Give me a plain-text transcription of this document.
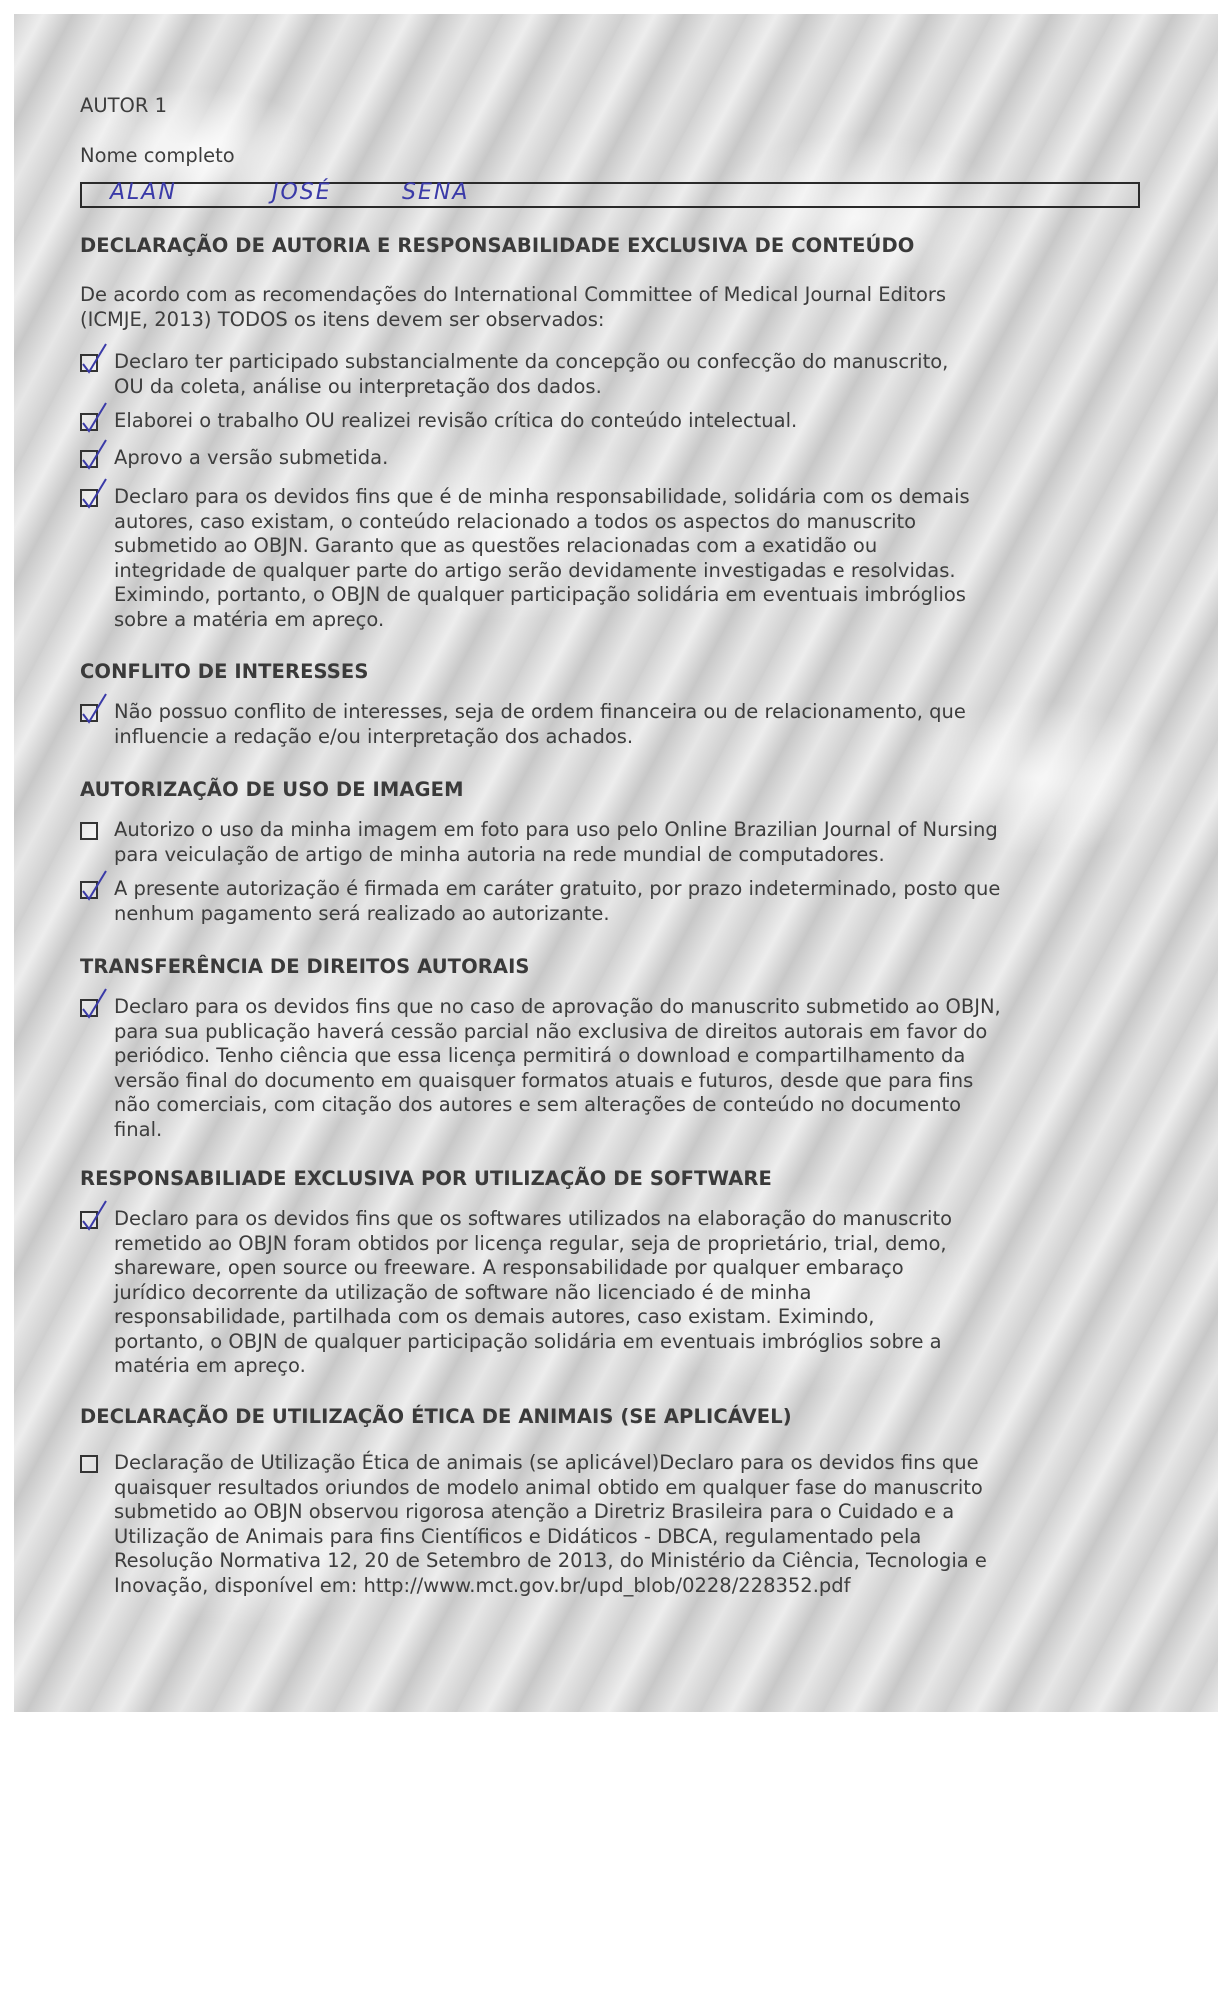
AUTOR 1

Nome completo

ALAN	JOSÉ	SENA

DECLARAÇÃO DE AUTORIA E RESPONSABILIDADE EXCLUSIVA DE CONTEÚDO

De acordo com as recomendações do International Committee of Medical Journal Editors
(ICMJE, 2013) TODOS os itens devem ser observados:

Declaro ter participado substancialmente da concepção ou confecção do manuscrito,
OU da coleta, análise ou interpretação dos dados.

Elaborei o trabalho OU realizei revisão crítica do conteúdo intelectual.

Aprovo a versão submetida.

Declaro para os devidos fins que é de minha responsabilidade, solidária com os demais
autores, caso existam, o conteúdo relacionado a todos os aspectos do manuscrito
submetido ao OBJN. Garanto que as questões relacionadas com a exatidão ou
integridade de qualquer parte do artigo serão devidamente investigadas e resolvidas.
Eximindo, portanto, o OBJN de qualquer participação solidária em eventuais imbróglios
sobre a matéria em apreço.

CONFLITO DE INTERESSES

Não possuo conflito de interesses, seja de ordem financeira ou de relacionamento, que
influencie a redação e/ou interpretação dos achados.

AUTORIZAÇÃO DE USO DE IMAGEM

Autorizo o uso da minha imagem em foto para uso pelo Online Brazilian Journal of Nursing
para veiculação de artigo de minha autoria na rede mundial de computadores.

A presente autorização é firmada em caráter gratuito, por prazo indeterminado, posto que
nenhum pagamento será realizado ao autorizante.

TRANSFERÊNCIA DE DIREITOS AUTORAIS

Declaro para os devidos fins que no caso de aprovação do manuscrito submetido ao OBJN,
para sua publicação haverá cessão parcial não exclusiva de direitos autorais em favor do
periódico. Tenho ciência que essa licença permitirá o download e compartilhamento da
versão final do documento em quaisquer formatos atuais e futuros, desde que para fins
não comerciais, com citação dos autores e sem alterações de conteúdo no documento
final.

RESPONSABILIADE EXCLUSIVA POR UTILIZAÇÃO DE SOFTWARE

Declaro para os devidos fins que os softwares utilizados na elaboração do manuscrito
remetido ao OBJN foram obtidos por licença regular, seja de proprietário, trial, demo,
shareware, open source ou freeware. A responsabilidade por qualquer embaraço
jurídico decorrente da utilização de software não licenciado é de minha
responsabilidade, partilhada com os demais autores, caso existam. Eximindo,
portanto, o OBJN de qualquer participação solidária em eventuais imbróglios sobre a
matéria em apreço.

DECLARAÇÃO DE UTILIZAÇÃO ÉTICA DE ANIMAIS (SE APLICÁVEL)

Declaração de Utilização Ética de animais (se aplicável)Declaro para os devidos fins que
quaisquer resultados oriundos de modelo animal obtido em qualquer fase do manuscrito
submetido ao OBJN observou rigorosa atenção a Diretriz Brasileira para o Cuidado e a
Utilização de Animais para fins Científicos e Didáticos - DBCA, regulamentado pela
Resolução Normativa 12, 20 de Setembro de 2013, do Ministério da Ciência, Tecnologia e
Inovação, disponível em: http://www.mct.gov.br/upd_blob/0228/228352.pdf
